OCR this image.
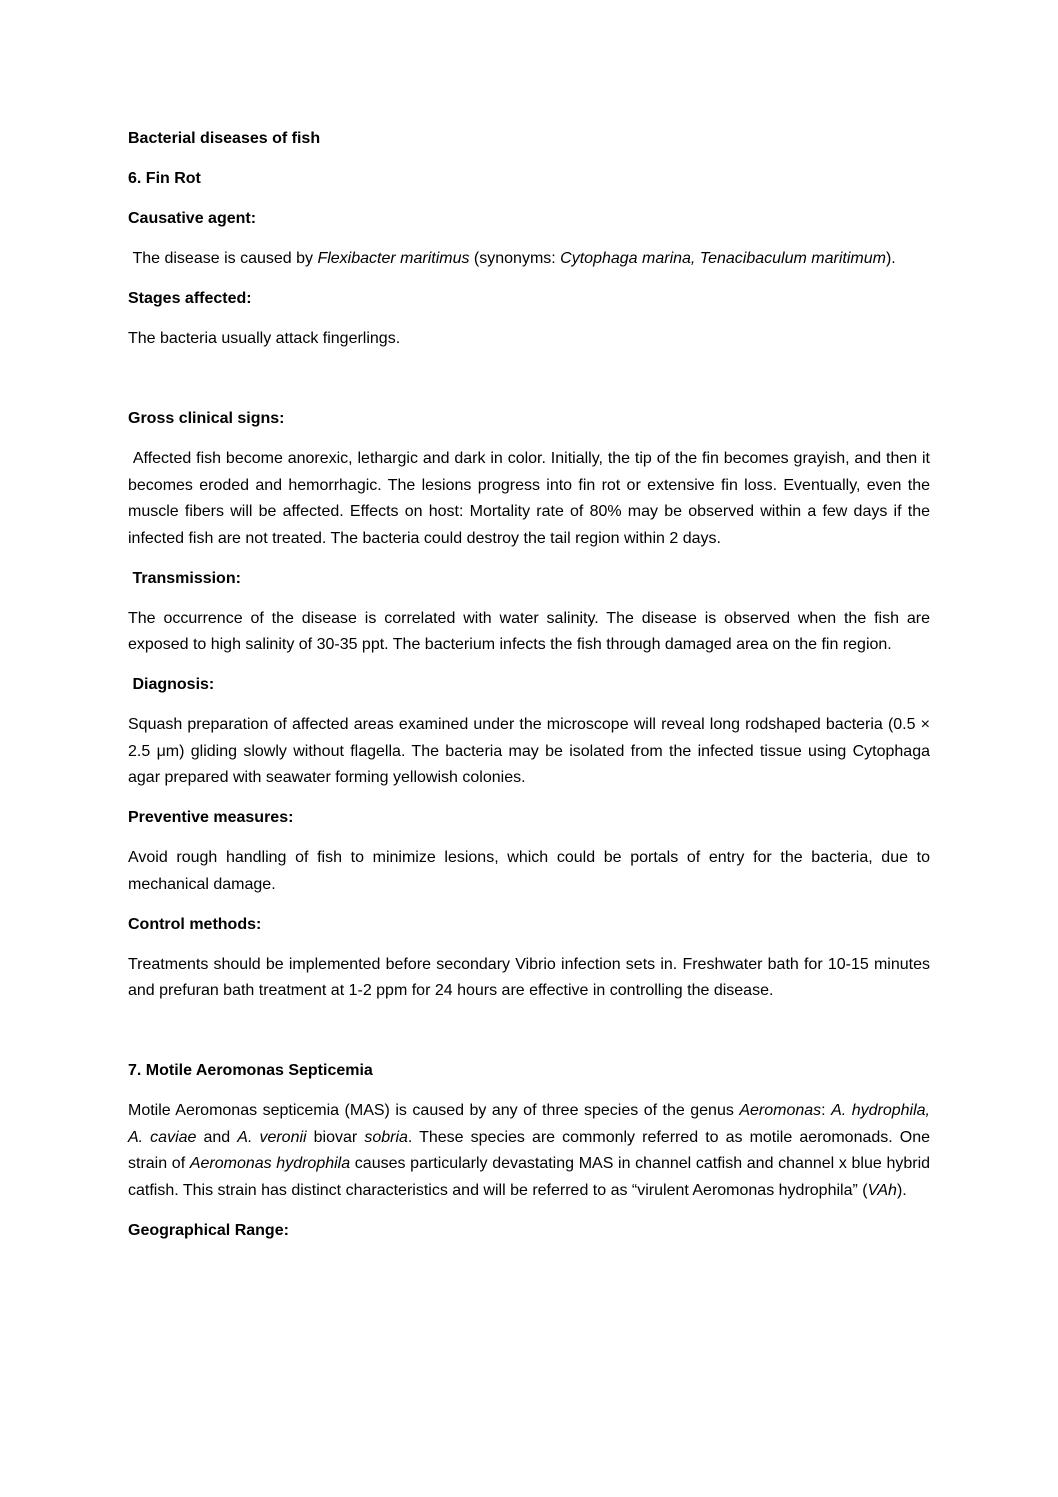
Bacterial diseases of fish

6. Fin Rot

Causative agent:

The disease is caused by Flexibacter maritimus (synonyms: Cytophaga marina, Tenacibaculum maritimum).

Stages affected:

The bacteria usually attack fingerlings.

Gross clinical signs:

Affected fish become anorexic, lethargic and dark in color. Initially, the tip of the fin becomes grayish, and then it becomes eroded and hemorrhagic. The lesions progress into fin rot or extensive fin loss. Eventually, even the muscle fibers will be affected. Effects on host: Mortality rate of 80% may be observed within a few days if the infected fish are not treated. The bacteria could destroy the tail region within 2 days.

Transmission:

The occurrence of the disease is correlated with water salinity. The disease is observed when the fish are exposed to high salinity of 30-35 ppt. The bacterium infects the fish through damaged area on the fin region.

Diagnosis:

Squash preparation of affected areas examined under the microscope will reveal long rodshaped bacteria (0.5 × 2.5 μm) gliding slowly without flagella. The bacteria may be isolated from the infected tissue using Cytophaga agar prepared with seawater forming yellowish colonies.

Preventive measures:

Avoid rough handling of fish to minimize lesions, which could be portals of entry for the bacteria, due to mechanical damage.

Control methods:

Treatments should be implemented before secondary Vibrio infection sets in. Freshwater bath for 10-15 minutes and prefuran bath treatment at 1-2 ppm for 24 hours are effective in controlling the disease.

7. Motile Aeromonas Septicemia

Motile Aeromonas septicemia (MAS) is caused by any of three species of the genus Aeromonas: A. hydrophila, A. caviae and A. veronii biovar sobria. These species are commonly referred to as motile aeromonads. One strain of Aeromonas hydrophila causes particularly devastating MAS in channel catfish and channel x blue hybrid catfish. This strain has distinct characteristics and will be referred to as “virulent Aeromonas hydrophila” (VAh).

Geographical Range:
